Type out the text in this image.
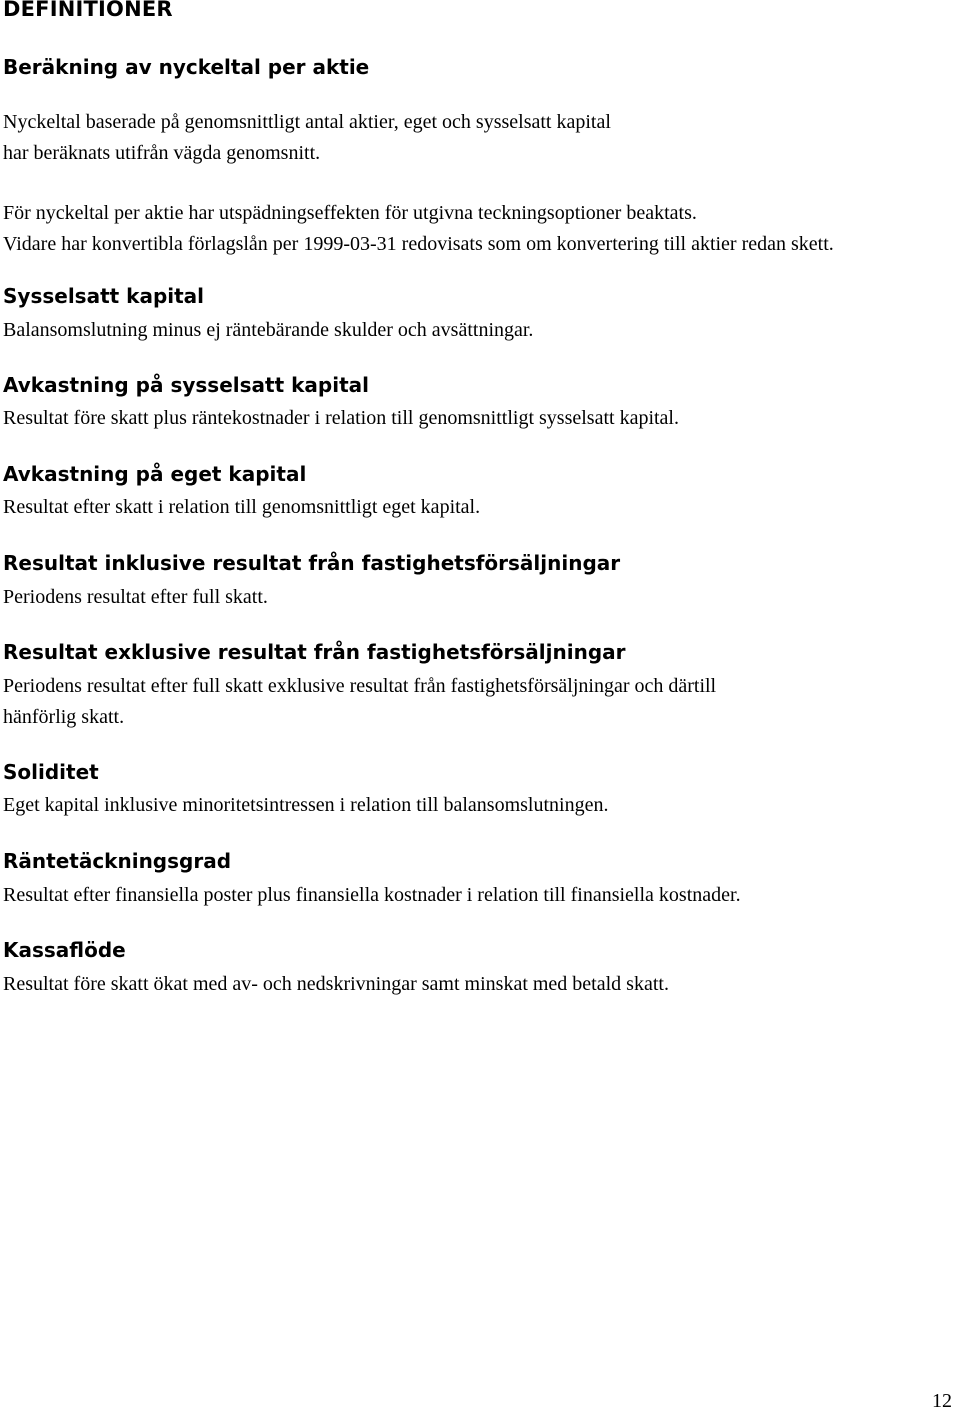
DEFINITIONER
Beräkning av nyckeltal per aktie
Nyckeltal baserade på genomsnittligt antal aktier, eget och sysselsatt kapital
har beräknats utifrån vägda genomsnitt.
För nyckeltal per aktie har utspädningseffekten för utgivna teckningsoptioner beaktats.
Vidare har konvertibla förlagslån per 1999-03-31 redovisats som om konvertering till aktier redan skett.
Sysselsatt kapital
Balansomslutning minus ej räntebärande skulder och avsättningar.
Avkastning på sysselsatt kapital
Resultat före skatt plus räntekostnader i relation till genomsnittligt sysselsatt kapital.
Avkastning på eget kapital
Resultat efter skatt i relation till genomsnittligt eget kapital.
Resultat inklusive resultat från fastighetsförsäljningar
Periodens resultat efter full skatt.
Resultat exklusive resultat från fastighetsförsäljningar
Periodens resultat efter full skatt exklusive resultat från fastighetsförsäljningar och därtill
hänförlig skatt.
Soliditet
Eget kapital inklusive minoritetsintressen i relation till balansomslutningen.
Räntetäckningsgrad
Resultat efter finansiella poster plus finansiella kostnader i relation till finansiella kostnader.
Kassaflöde
Resultat före skatt ökat med av- och nedskrivningar samt minskat med betald skatt.
12
